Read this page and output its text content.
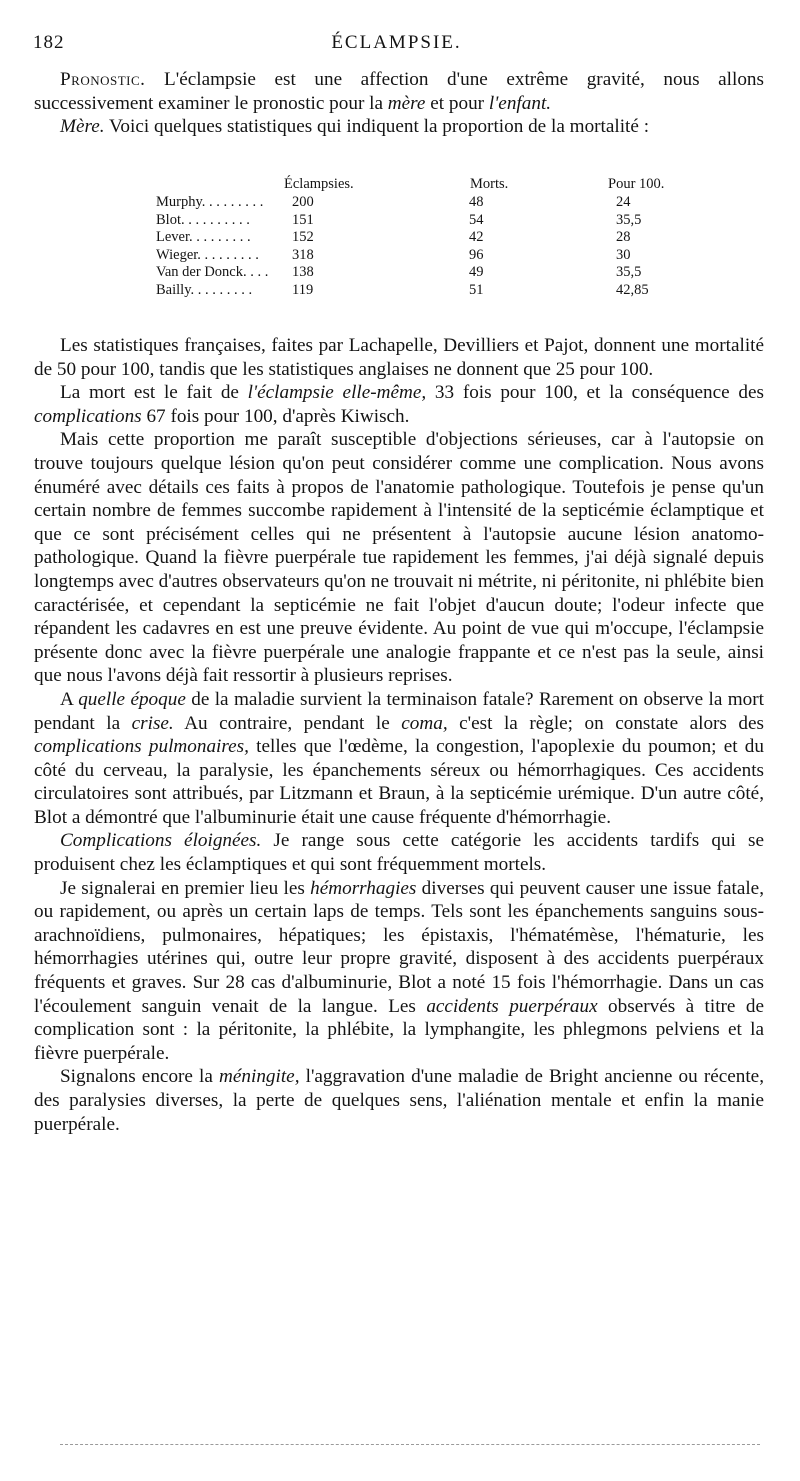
182	ÉCLAMPSIE.

Pronostic. L'éclampsie est une affection d'une extrême gravité, nous allons successivement examiner le pronostic pour la mère et pour l'enfant.

Mère. Voici quelques statistiques qui indiquent la proportion de la mortalité :

Éclampsies.	Morts.	Pour 100.
Murphy. . . . . . . . . 200	48	24
Blot. . . . . . . . . .	151	54	35,5
Lever. . . . . . . . .	152	42	28
Wieger. . . . . . . . . 318	96	30
Van der Donck. . . . 138	49	35,5
Bailly. . . . . . . . .	119	51	42,85

Les statistiques françaises, faites par Lachapelle, Devilliers et Pajot, donnent une mortalité de 50 pour 100, tandis que les statistiques anglaises ne donnent que 25 pour 100.

La mort est le fait de l'éclampsie elle-même, 33 fois pour 100, et la conséquence des complications 67 fois pour 100, d'après Kiwisch.

Mais cette proportion me paraît susceptible d'objections sérieuses, car à l'autopsie on trouve toujours quelque lésion qu'on peut considérer comme une complication. Nous avons énuméré avec détails ces faits à propos de l'anatomie pathologique. Toutefois je pense qu'un certain nombre de femmes succombe rapidement à l'intensité de la septicémie éclamptique et que ce sont précisément celles qui ne présentent à l'autopsie aucune lésion anatomo-pathologique. Quand la fièvre puerpérale tue rapidement les femmes, j'ai déjà signalé depuis longtemps avec d'autres observateurs qu'on ne trouvait ni métrite, ni péritonite, ni phlébite bien caractérisée, et cependant la septicémie ne fait l'objet d'aucun doute; l'odeur infecte que répandent les cadavres en est une preuve évidente. Au point de vue qui m'occupe, l'éclampsie présente donc avec la fièvre puerpérale une analogie frappante et ce n'est pas la seule, ainsi que nous l'avons déjà fait ressortir à plusieurs reprises.

A quelle époque de la maladie survient la terminaison fatale? Rarement on observe la mort pendant la crise. Au contraire, pendant le coma, c'est la règle; on constate alors des complications pulmonaires, telles que l'œdème, la congestion, l'apoplexie du poumon; et du côté du cerveau, la paralysie, les épanchements séreux ou hémorrhagiques. Ces accidents circulatoires sont attribués, par Litzmann et Braun, à la septicémie urémique. D'un autre côté, Blot a démontré que l'albuminurie était une cause fréquente d'hémorrhagie.

Complications éloignées. Je range sous cette catégorie les accidents tardifs qui se produisent chez les éclamptiques et qui sont fréquemment mortels.

Je signalerai en premier lieu les hémorrhagies diverses qui peuvent causer une issue fatale, ou rapidement, ou après un certain laps de temps. Tels sont les épanchements sanguins sous-arachnoïdiens, pulmonaires, hépatiques; les épistaxis, l'hématémèse, l'hématurie, les hémorrhagies utérines qui, outre leur propre gravité, disposent à des accidents puerpéraux fréquents et graves. Sur 28 cas d'albuminurie, Blot a noté 15 fois l'hémorrhagie. Dans un cas l'écoulement sanguin venait de la langue. Les accidents puerpéraux observés à titre de complication sont : la péritonite, la phlébite, la lymphangite, les phlegmons pelviens et la fièvre puerpérale.

Signalons encore la méningite, l'aggravation d'une maladie de Bright ancienne ou récente, des paralysies diverses, la perte de quelques sens, l'aliénation mentale et enfin la manie puerpérale.
